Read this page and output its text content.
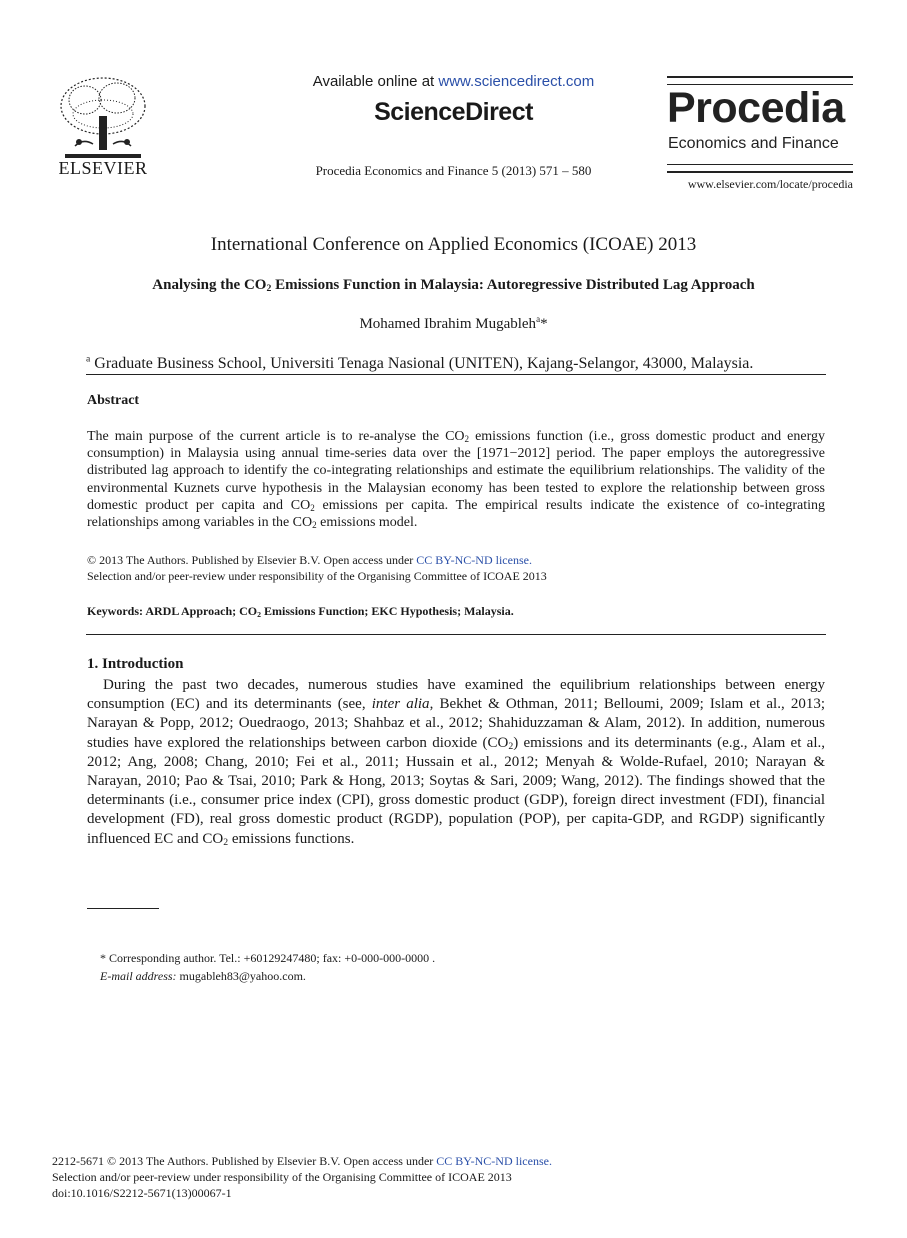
ELSEVIER
Available online at www.sciencedirect.com
ScienceDirect
Procedia Economics and Finance 5 (2013) 571 – 580
Procedia
Economics and Finance
www.elsevier.com/locate/procedia
International Conference on Applied Economics (ICOAE) 2013
Analysing the $CO_2$ Emissions Function in Malaysia: Autoregressive Distributed Lag Approach
Mohamed Ibrahim Mugableh$^a$*
$^a$ Graduate Business School, Universiti Tenaga Nasional (UNITEN), Kajang-Selangor, 43000, Malaysia.
Abstract
The main purpose of the current article is to re-analyse the $CO_2$ emissions function (i.e., gross domestic product and energy consumption) in Malaysia using annual time-series data over the [1971−2012] period. The paper employs the autoregressive distributed lag approach to identify the co-integrating relationships and estimate the equilibrium relationships. The validity of the environmental Kuznets curve hypothesis in the Malaysian economy has been tested to explore the relationship between gross domestic product per capita and $CO_2$ emissions per capita. The empirical results indicate the existence of co-integrating relationships among variables in the $CO_2$ emissions model.
© 2013 The Authors. Published by Elsevier B.V. Open access under CC BY-NC-ND license.
Selection and/or peer-review under responsibility of the Organising Committee of ICOAE 2013
Keywords: ARDL Approach; $CO_2$ Emissions Function; EKC Hypothesis; Malaysia.
1. Introduction

During the past two decades, numerous studies have examined the equilibrium relationships between energy consumption (EC) and its determinants (see, inter alia, Bekhet & Othman, 2011; Belloumi, 2009; Islam et al., 2013; Narayan & Popp, 2012; Ouedraogo, 2013; Shahbaz et al., 2012; Shahiduzzaman & Alam, 2012). In addition, numerous studies have explored the relationships between carbon dioxide $(CO_2)$ emissions and its determinants (e.g., Alam et al., 2012; Ang, 2008; Chang, 2010; Fei et al., 2011; Hussain et al., 2012; Menyah & Wolde-Rufael, 2010; Narayan & Narayan, 2010; Pao & Tsai, 2010; Park & Hong, 2013; Soytas & Sari, 2009; Wang, 2012). The findings showed that the determinants (i.e., consumer price index (CPI), gross domestic product (GDP), foreign direct investment (FDI), financial development (FD), real gross domestic product (RGDP), population (POP), per capita-GDP, and RGDP) significantly influenced EC and $CO_2$ emissions functions.

* Corresponding author. Tel.: +60129247480; fax: +0-000-000-0000 .
E-mail address: mugableh83@yahoo.com.
2212-5671 © 2013 The Authors. Published by Elsevier B.V. Open access under CC BY-NC-ND license.
Selection and/or peer-review under responsibility of the Organising Committee of ICOAE 2013
doi:10.1016/S2212-5671(13)00067-1
